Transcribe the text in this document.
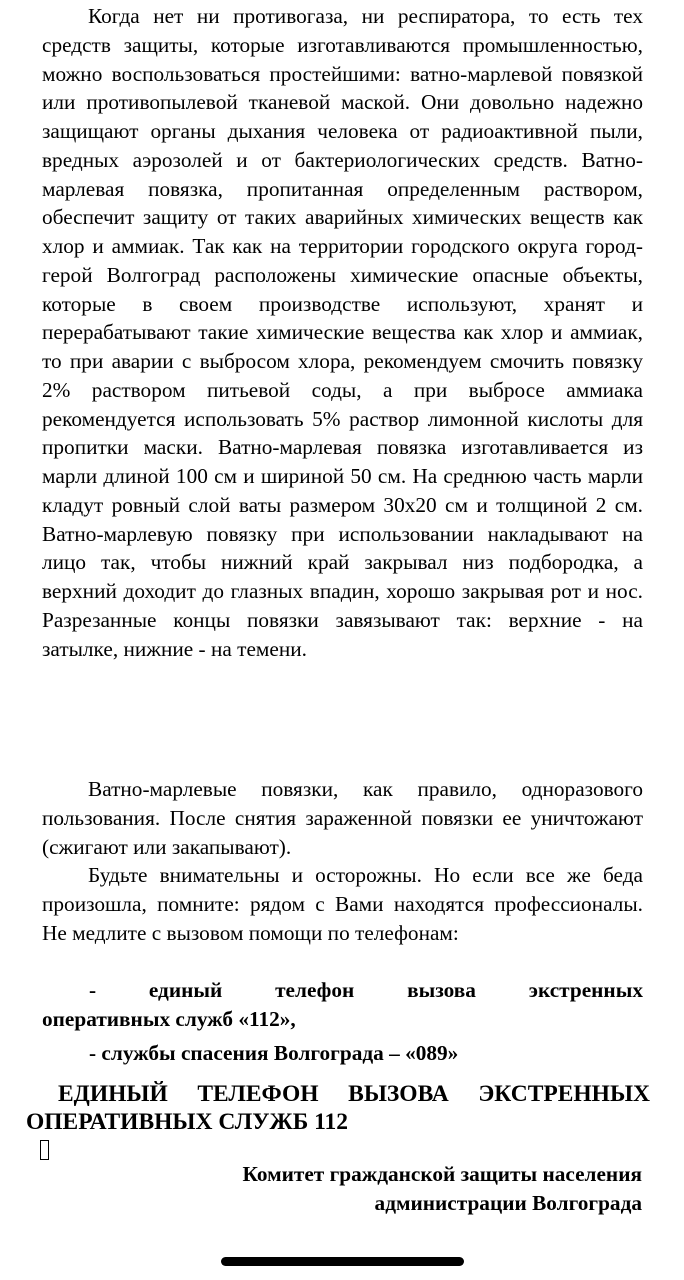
Когда нет ни противогаза, ни респиратора, то есть тех средств защиты, которые изготавливаются промышленностью, можно воспользоваться простейшими: ватно-марлевой повязкой или противопылевой тканевой маской. Они довольно надежно защищают органы дыхания человека от радиоактивной пыли, вредных аэрозолей и от бактериологических средств. Ватно-марлевая повязка, пропитанная определенным раствором, обеспечит защиту от таких аварийных химических веществ как хлор и аммиак. Так как на территории городского округа город-герой Волгоград расположены химические опасные объекты, которые в своем производстве используют, хранят и перерабатывают такие химические вещества как хлор и аммиак, то при аварии с выбросом хлора, рекомендуем смочить повязку 2% раствором питьевой соды, а при выбросе аммиака рекомендуется использовать 5% раствор лимонной кислоты для пропитки маски. Ватно-марлевая повязка изготавливается из марли длиной 100 см и шириной 50 см. На среднюю часть марли кладут ровный слой ваты размером 30х20 см и толщиной 2 см. Ватно-марлевую повязку при использовании накладывают на лицо так, чтобы нижний край закрывал низ подбородка, а верхний доходит до глазных впадин, хорошо закрывая рот и нос. Разрезанные концы повязки завязывают так: верхние - на затылке, нижние - на темени.

Ватно-марлевые повязки, как правило, одноразового пользования. После снятия зараженной повязки ее уничтожают (сжигают или закапывают).

Будьте внимательны и осторожны. Но если все же беда произошла, помните: рядом с Вами находятся профессионалы. Не медлите с вызовом помощи по телефонам:

- единый телефон вызова экстренных
оперативных служб «112»,
- службы спасения Волгограда – «089»
ЕДИНЫЙ ТЕЛЕФОН ВЫЗОВА ЭКСТРЕННЫХ
ОПЕРАТИВНЫХ СЛУЖБ 112
Комитет гражданской защиты населения
администрации Волгограда
